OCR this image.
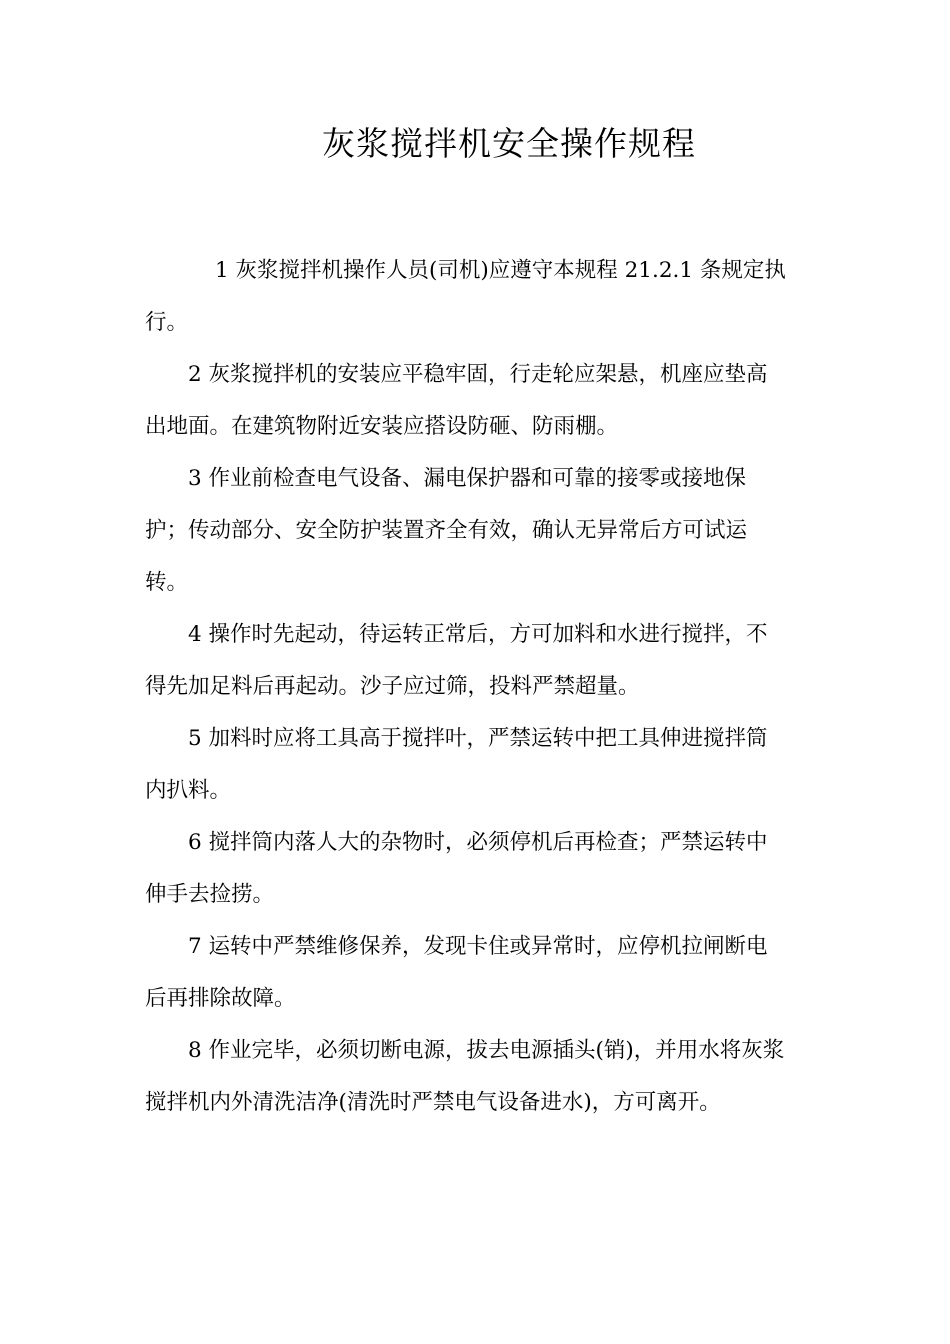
灰浆搅拌机安全操作规程

1 灰浆搅拌机操作人员(司机)应遵守本规程 21.2.1 条规定执
行。

2 灰浆搅拌机的安装应平稳牢固，行走轮应架悬，机座应垫高
出地面。在建筑物附近安装应搭设防砸、防雨棚。

3 作业前检查电气设备、漏电保护器和可靠的接零或接地保
护；传动部分、安全防护装置齐全有效，确认无异常后方可试运
转。

4 操作时先起动，待运转正常后，方可加料和水进行搅拌，不
得先加足料后再起动。沙子应过筛，投料严禁超量。

5 加料时应将工具高于搅拌叶，严禁运转中把工具伸进搅拌筒
内扒料。

6 搅拌筒内落人大的杂物时，必须停机后再检查；严禁运转中
伸手去捡捞。

7 运转中严禁维修保养，发现卡住或异常时，应停机拉闸断电
后再排除故障。

8 作业完毕，必须切断电源，拔去电源插头(销)，并用水将灰浆
搅拌机内外清洗洁净(清洗时严禁电气设备进水)，方可离开。
